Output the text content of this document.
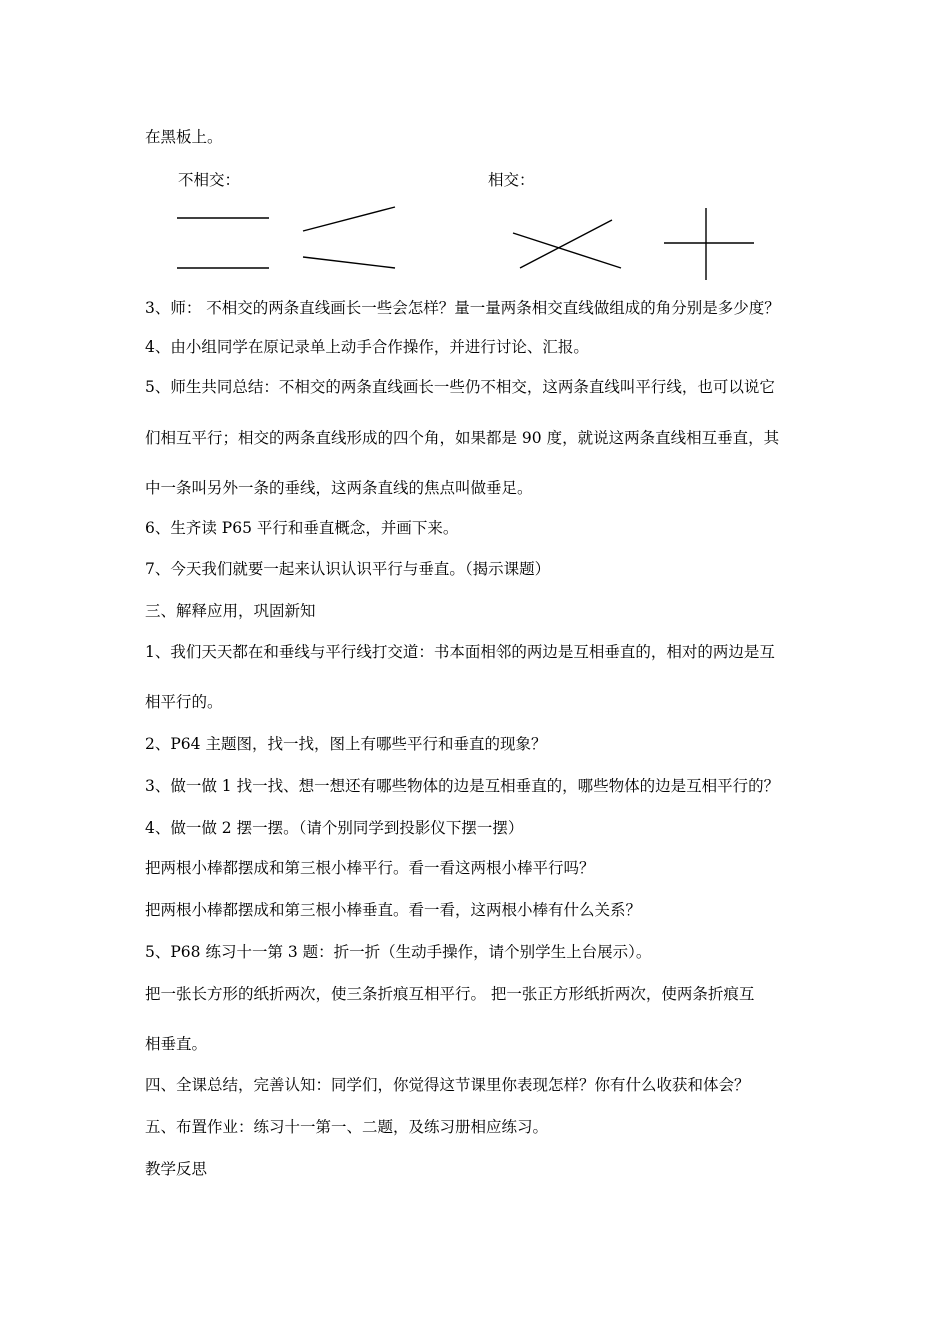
在黑板上。
不相交：	相交：
3、师： 不相交的两条直线画长一些会怎样？量一量两条相交直线做组成的角分别是多少度？
4、由小组同学在原记录单上动手合作操作，并进行讨论、汇报。
5、师生共同总结：不相交的两条直线画长一些仍不相交，这两条直线叫平行线，也可以说它
们相互平行；相交的两条直线形成的四个角，如果都是 90 度，就说这两条直线相互垂直，其
中一条叫另外一条的垂线，这两条直线的焦点叫做垂足。
6、生齐读 P65 平行和垂直概念，并画下来。
7、今天我们就要一起来认识认识平行与垂直。（揭示课题）
三、解释应用，巩固新知
1、我们天天都在和垂线与平行线打交道：书本面相邻的两边是互相垂直的，相对的两边是互
相平行的。
2、P64 主题图，找一找，图上有哪些平行和垂直的现象？
3、做一做 1 找一找、想一想还有哪些物体的边是互相垂直的，哪些物体的边是互相平行的？
4、做一做 2 摆一摆。（请个别同学到投影仪下摆一摆）
把两根小棒都摆成和第三根小棒平行。看一看这两根小棒平行吗？
把两根小棒都摆成和第三根小棒垂直。看一看，这两根小棒有什么关系？
5、P68 练习十一第 3 题：折一折（生动手操作，请个别学生上台展示）。
把一张长方形的纸折两次，使三条折痕互相平行。 把一张正方形纸折两次，使两条折痕互
相垂直。
四、全课总结，完善认知：同学们，你觉得这节课里你表现怎样？你有什么收获和体会？
五、布置作业：练习十一第一、二题，及练习册相应练习。
教学反思
